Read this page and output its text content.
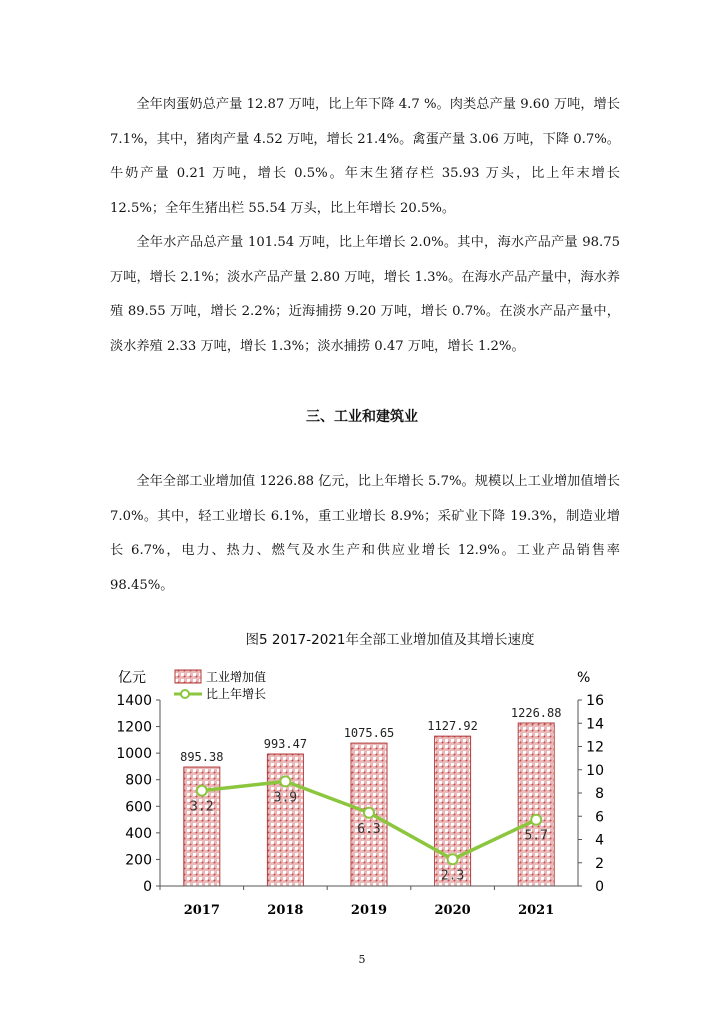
全年肉蛋奶总产量 12.87 万吨，比上年下降 4.7 %。肉类总产量 9.60 万吨，增长 7.1%，其中，猪肉产量 4.52 万吨，增长 21.4%。禽蛋产量 3.06 万吨，下降 0.7%。牛奶产量 0.21 万吨，增长 0.5%。年末生猪存栏 35.93 万头，比上年末增长 12.5%；全年生猪出栏 55.54 万头，比上年增长 20.5%。

全年水产品总产量 101.54 万吨，比上年增长 2.0%。其中，海水产品产量 98.75 万吨，增长 2.1%；淡水产品产量 2.80 万吨，增长 1.3%。在海水产品产量中，海水养殖 89.55 万吨，增长 2.2%；近海捕捞 9.20 万吨，增长 0.7%。在淡水产品产量中，淡水养殖 2.33 万吨，增长 1.3%；淡水捕捞 0.47 万吨，增长 1.2%。

三、工业和建筑业

全年全部工业增加值 1226.88 亿元，比上年增长 5.7%。规模以上工业增加值增长 7.0%。其中，轻工业增长 6.1%，重工业增长 8.9%；采矿业下降 19.3%，制造业增长 6.7%，电力、热力、燃气及水生产和供应业增长 12.9%。工业产品销售率 98.45%。

图5 2017-2021年全部工业增加值及其增长速度

0
200
400
600
800
1000
1200
1400
0
2
4
6
8
10
12
14
16
895.38
993.47
1075.65	1127.92
1226.88
3.2
3.9
6.3
2.3
5.7
2017	2018	2019	2020	2021
工业增加值
比上年增长
亿元	%

5
